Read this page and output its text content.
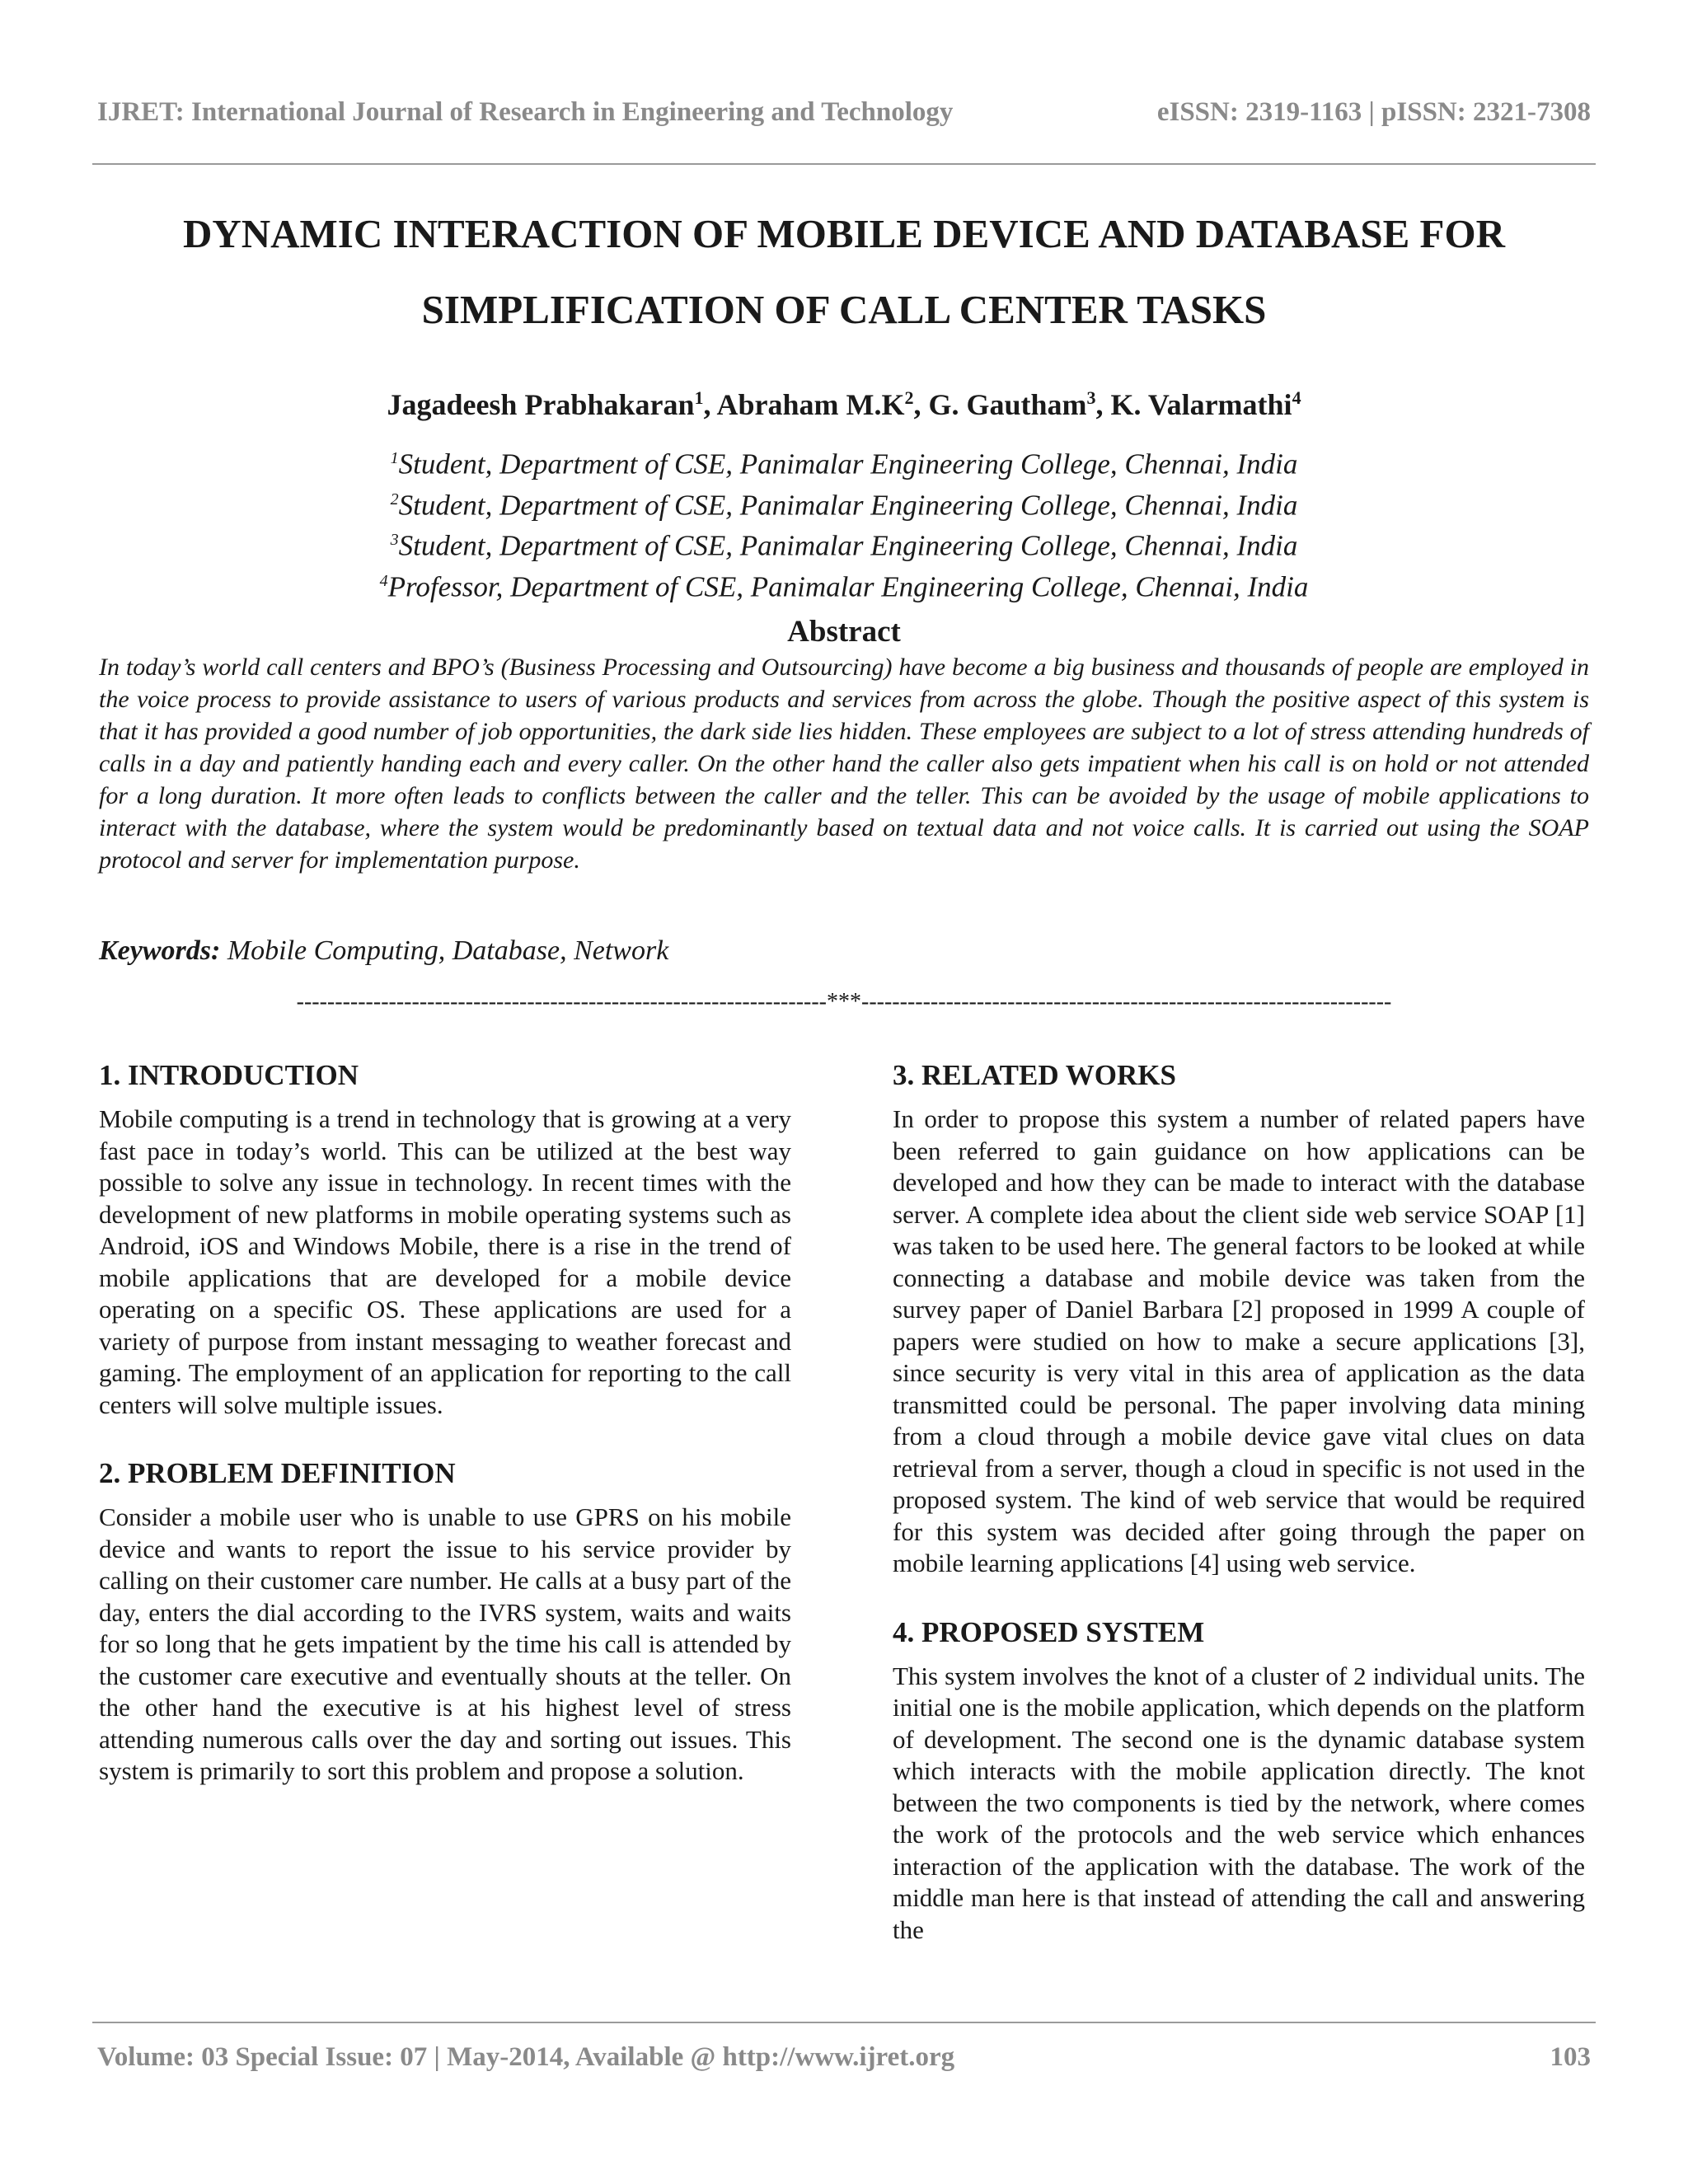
IJRET: International Journal of Research in Engineering and Technology	eISSN: 2319-1163 | pISSN: 2321-7308
DYNAMIC INTERACTION OF MOBILE DEVICE AND DATABASE FOR
SIMPLIFICATION OF CALL CENTER TASKS

Jagadeesh Prabhakaran$^1$, Abraham $M.K^2$, G. Gautham$^3$, K. Valarmathi$^4$

$^1$Student, Department of CSE, Panimalar Engineering College, Chennai, India
$^2$Student, Department of CSE, Panimalar Engineering College, Chennai, India
$^3$Student, Department of CSE, Panimalar Engineering College, Chennai, India
$^4$Professor, Department of CSE, Panimalar Engineering College, Chennai, India
Abstract

In today’s world call centers and BPO’s (Business Processing and Outsourcing) have become a big business and thousands of people are employed in the voice process to provide assistance to users of various products and services from across the globe. Though the positive aspect of this system is that it has provided a good number of job opportunities, the dark side lies hidden. These employees are subject to a lot of stress attending hundreds of calls in a day and patiently handing each and every caller. On the other hand the caller also gets impatient when his call is on hold or not attended for a long duration. It more often leads to conflicts between the caller and the teller. This can be avoided by the usage of mobile applications to interact with the database, where the system would be predominantly based on textual data and not voice calls. It is carried out using the SOAP protocol and server for implementation purpose.

Keywords: Mobile Computing, Database, Network

---------------------------------------------------------------------***---------------------------------------------------------------------
1. INTRODUCTION

Mobile computing is a trend in technology that is growing at a very fast pace in today’s world. This can be utilized at the best way possible to solve any issue in technology. In recent times with the development of new platforms in mobile operating systems such as Android, iOS and Windows Mobile, there is a rise in the trend of mobile applications that are developed for a mobile device operating on a specific OS. These applications are used for a variety of purpose from instant messaging to weather forecast and gaming. The employment of an application for reporting to the call centers will solve multiple issues.

2. PROBLEM DEFINITION

Consider a mobile user who is unable to use GPRS on his mobile device and wants to report the issue to his service provider by calling on their customer care number. He calls at a busy part of the day, enters the dial according to the IVRS system, waits and waits for so long that he gets impatient by the time his call is attended by the customer care executive and eventually shouts at the teller. On the other hand the executive is at his highest level of stress attending numerous calls over the day and sorting out issues. This system is primarily to sort this problem and propose a solution.

3. RELATED WORKS

In order to propose this system a number of related papers have been referred to gain guidance on how applications can be developed and how they can be made to interact with the database server. A complete idea about the client side web service SOAP [1] was taken to be used here. The general factors to be looked at while connecting a database and mobile device was taken from the survey paper of Daniel Barbara [2] proposed in 1999 A couple of papers were studied on how to make a secure applications [3], since security is very vital in this area of application as the data transmitted could be personal. The paper involving data mining from a cloud through a mobile device gave vital clues on data retrieval from a server, though a cloud in specific is not used in the proposed system. The kind of web service that would be required for this system was decided after going through the paper on mobile learning applications [4] using web service.

4. PROPOSED SYSTEM

This system involves the knot of a cluster of 2 individual units. The initial one is the mobile application, which depends on the platform of development. The second one is the dynamic database system which interacts with the mobile application directly. The knot between the two components is tied by the network, where comes the work of the protocols and the web service which enhances interaction of the application with the database. The work of the middle man here is that instead of attending the call and answering the

Volume: 03 Special Issue: 07 | May-2014, Available @ http://www.ijret.org	103
